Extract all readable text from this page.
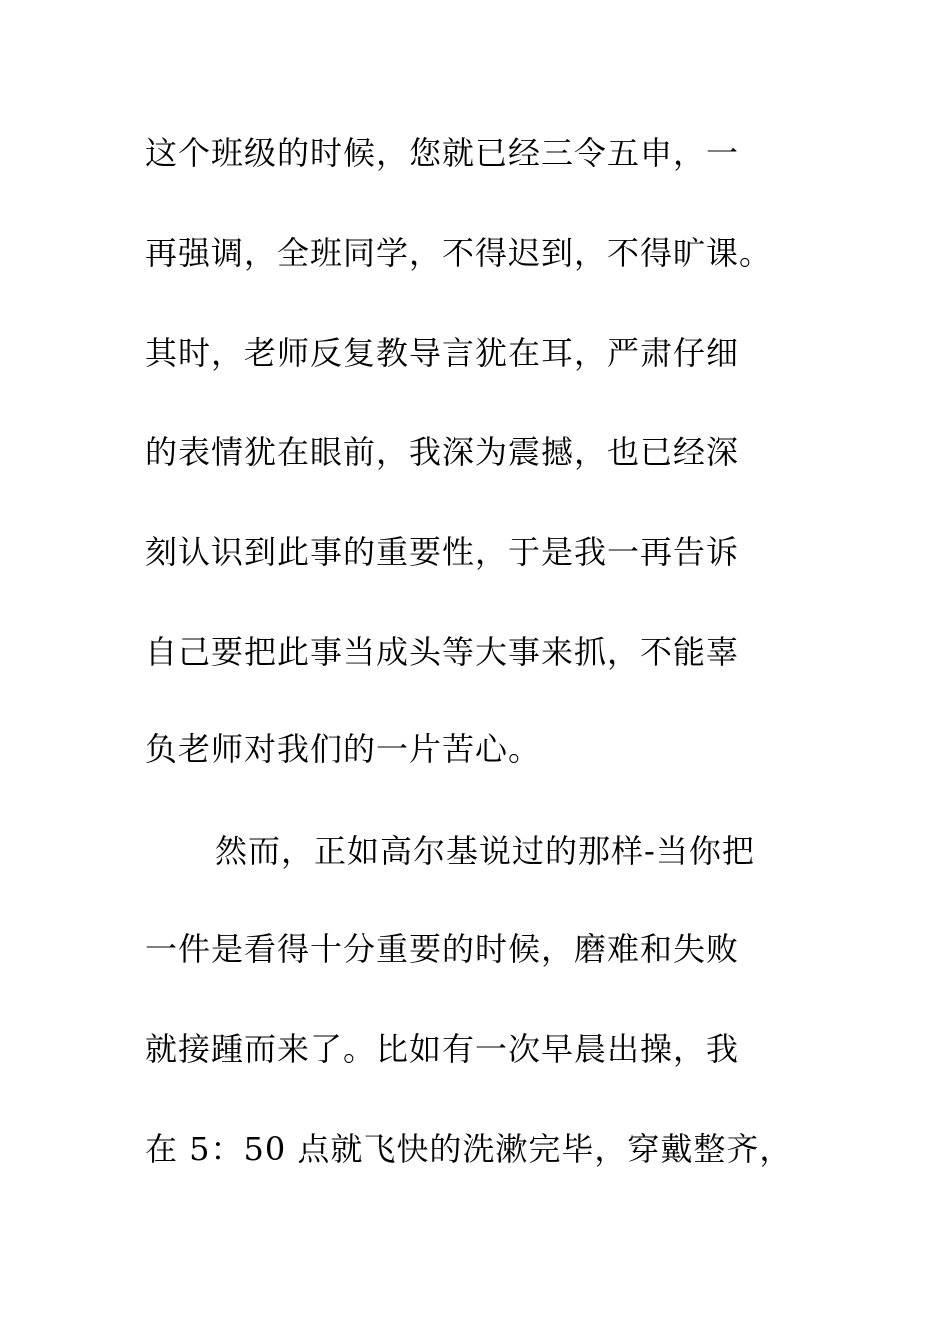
这个班级的时候，您就已经三令五申，一
再强调，全班同学，不得迟到，不得旷课。
其时，老师反复教导言犹在耳，严肃仔细
的表情犹在眼前，我深为震撼，也已经深
刻认识到此事的重要性，于是我一再告诉
自己要把此事当成头等大事来抓，不能辜
负老师对我们的一片苦心。
然而，正如高尔基说过的那样-当你把
一件是看得十分重要的时候，磨难和失败
就接踵而来了。比如有一次早晨出操，我
在 5：50 点就飞快的洗漱完毕，穿戴整齐，
